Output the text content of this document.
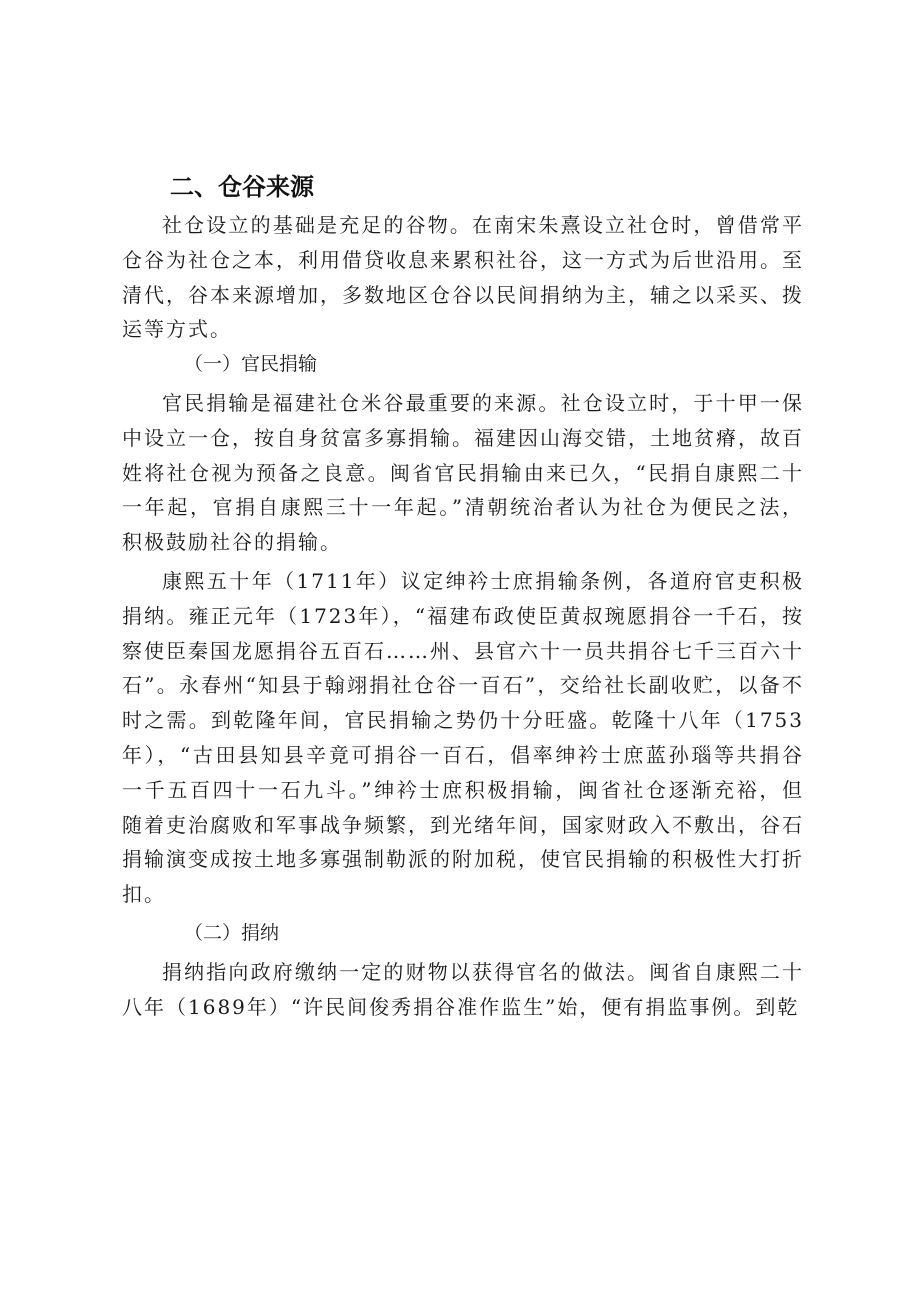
二、仓谷来源

社仓设立的基础是充足的谷物。在南宋朱熹设立社仓时，曾借常平仓谷为社仓之本，利用借贷收息来累积社谷，这一方式为后世沿用。至清代，谷本来源增加，多数地区仓谷以民间捐纳为主，辅之以采买、拨运等方式。

（一）官民捐输

官民捐输是福建社仓米谷最重要的来源。社仓设立时，于十甲一保中设立一仓，按自身贫富多寡捐输。福建因山海交错，土地贫瘠，故百姓将社仓视为预备之良意。闽省官民捐输由来已久，“民捐自康熙二十一年起，官捐自康熙三十一年起。”清朝统治者认为社仓为便民之法，积极鼓励社谷的捐输。

康熙五十年（1711年）议定绅衿士庶捐输条例，各道府官吏积极捐纳。雍正元年（1723年），“福建布政使臣黄叔琬愿捐谷一千石，按察使臣秦国龙愿捐谷五百石……州、县官六十一员共捐谷七千三百六十石”。永春州“知县于翰翊捐社仓谷一百石”，交给社长副收贮，以备不时之需。到乾隆年间，官民捐输之势仍十分旺盛。乾隆十八年（1753年），“古田县知县辛竟可捐谷一百石，倡率绅衿士庶蓝孙瑙等共捐谷一千五百四十一石九斗。”绅衿士庶积极捐输，闽省社仓逐渐充裕，但随着吏治腐败和军事战争频繁，到光绪年间，国家财政入不敷出，谷石捐输演变成按土地多寡强制勒派的附加税，使官民捐输的积极性大打折扣。

（二）捐纳

捐纳指向政府缴纳一定的财物以获得官名的做法。闽省自康熙二十八年（1689年）“许民间俊秀捐谷准作监生”始，便有捐监事例。到乾
